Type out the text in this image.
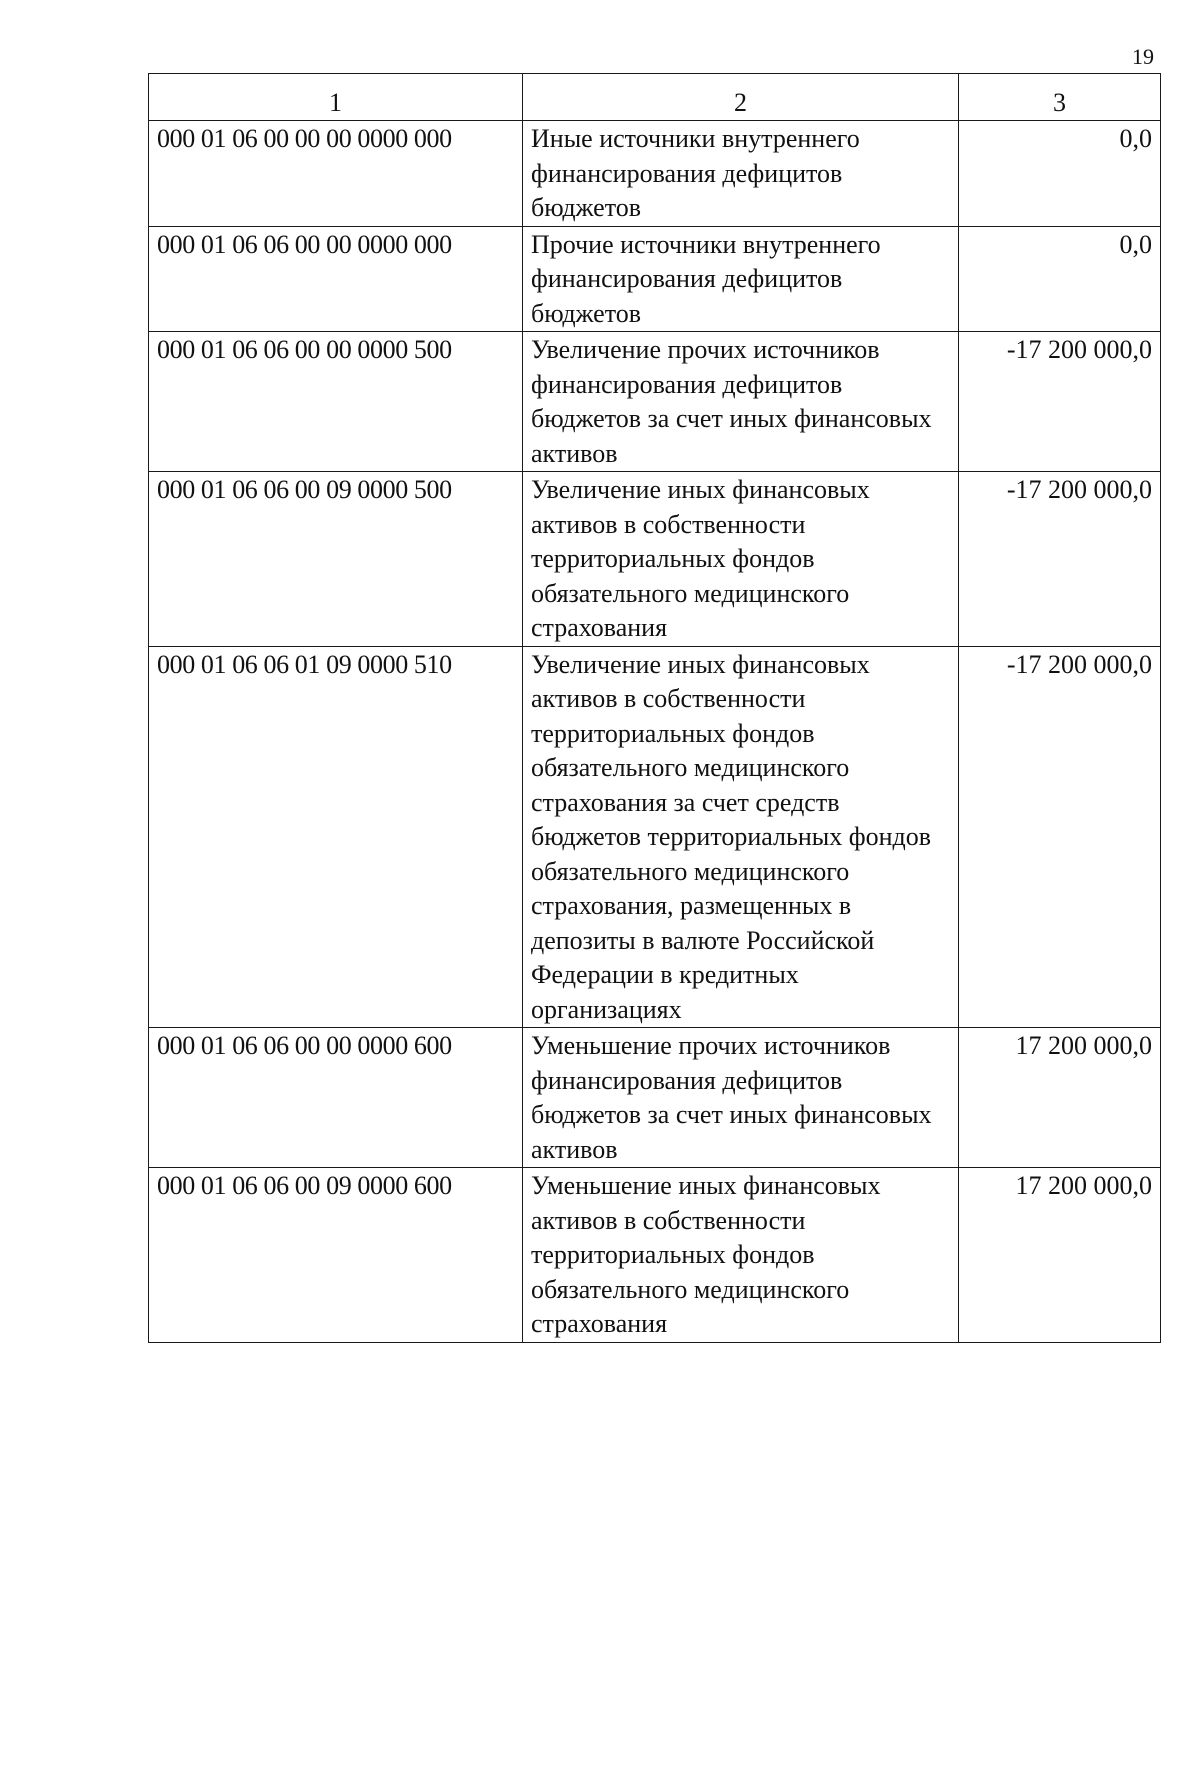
19
1	2	3
000 01 06 00 00 00 0000 000	Иные источники внутреннего финансирования дефицитов бюджетов	0,0
000 01 06 06 00 00 0000 000	Прочие источники внутреннего финансирования дефицитов бюджетов	0,0
000 01 06 06 00 00 0000 500	Увеличение прочих источников финансирования дефицитов бюджетов за счет иных финансовых активов	-17 200 000,0
000 01 06 06 00 09 0000 500	Увеличение иных финансовых активов в собственности территориальных фондов обязательного медицинского страхования	-17 200 000,0
000 01 06 06 01 09 0000 510	Увеличение иных финансовых активов в собственности территориальных фондов обязательного медицинского страхования за счет средств бюджетов территориальных фондов обязательного медицинского страхования, размещенных в депозиты в валюте Российской Федерации в кредитных организациях	-17 200 000,0
000 01 06 06 00 00 0000 600	Уменьшение прочих источников финансирования дефицитов бюджетов за счет иных финансовых активов	17 200 000,0
000 01 06 06 00 09 0000 600	Уменьшение иных финансовых активов в собственности территориальных фондов обязательного медицинского страхования	17 200 000,0
